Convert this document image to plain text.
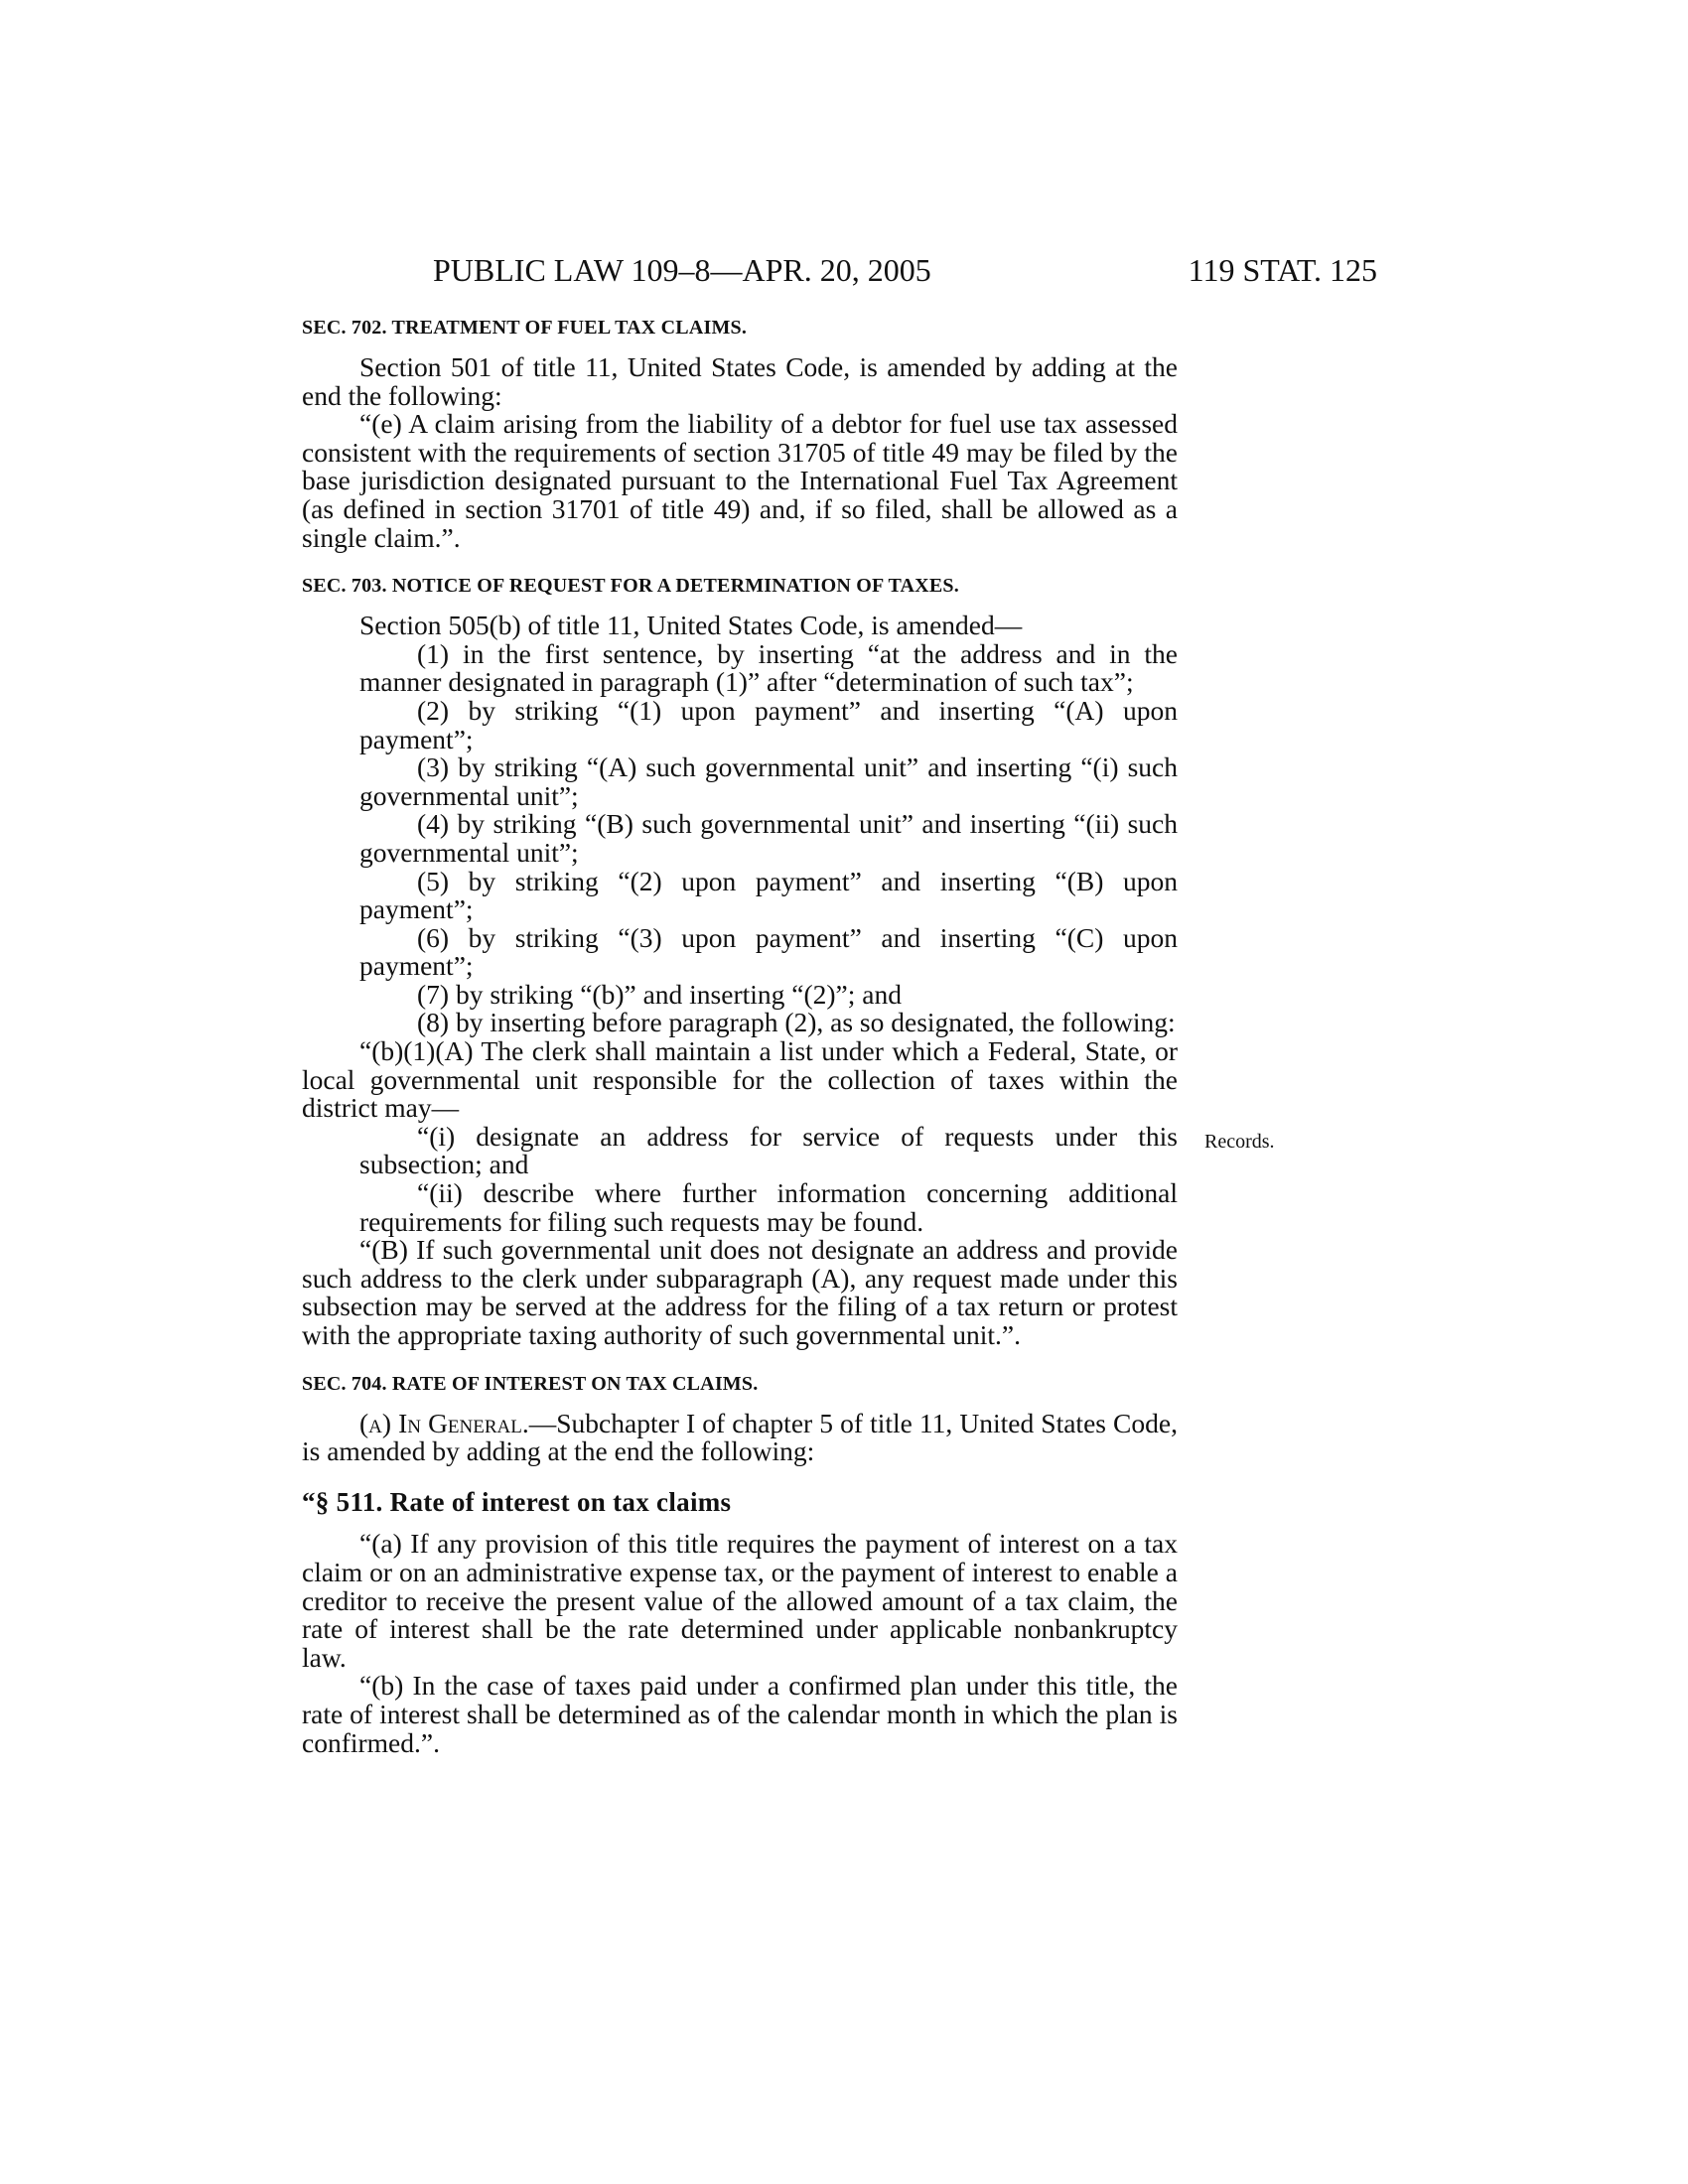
PUBLIC LAW 109–8—APR. 20, 2005	119 STAT. 125
Records.
SEC. 702. TREATMENT OF FUEL TAX CLAIMS.

Section 501 of title 11, United States Code, is amended by adding at the end the following:

“(e) A claim arising from the liability of a debtor for fuel use tax assessed consistent with the requirements of section 31705 of title 49 may be filed by the base jurisdiction designated pursuant to the International Fuel Tax Agreement (as defined in section 31701 of title 49) and, if so filed, shall be allowed as a single claim.”.

SEC. 703. NOTICE OF REQUEST FOR A DETERMINATION OF TAXES.

Section 505(b) of title 11, United States Code, is amended—

(1) in the first sentence, by inserting “at the address and in the manner designated in paragraph (1)” after “determination of such tax”;

(2) by striking “(1) upon payment” and inserting “(A) upon payment”;

(3) by striking “(A) such governmental unit” and inserting “(i) such governmental unit”;

(4) by striking “(B) such governmental unit” and inserting “(ii) such governmental unit”;

(5) by striking “(2) upon payment” and inserting “(B) upon payment”;

(6) by striking “(3) upon payment” and inserting “(C) upon payment”;

(7) by striking “(b)” and inserting “(2)”; and

(8) by inserting before paragraph (2), as so designated, the following:

“(b)(1)(A) The clerk shall maintain a list under which a Federal, State, or local governmental unit responsible for the collection of taxes within the district may—

“(i) designate an address for service of requests under this subsection; and

“(ii) describe where further information concerning additional requirements for filing such requests may be found.

“(B) If such governmental unit does not designate an address and provide such address to the clerk under subparagraph (A), any request made under this subsection may be served at the address for the filing of a tax return or protest with the appropriate taxing authority of such governmental unit.”.

SEC. 704. RATE OF INTEREST ON TAX CLAIMS.

(a) In General.—Subchapter I of chapter 5 of title 11, United States Code, is amended by adding at the end the following:

“§ 511. Rate of interest on tax claims

“(a) If any provision of this title requires the payment of interest on a tax claim or on an administrative expense tax, or the payment of interest to enable a creditor to receive the present value of the allowed amount of a tax claim, the rate of interest shall be the rate determined under applicable nonbankruptcy law.

“(b) In the case of taxes paid under a confirmed plan under this title, the rate of interest shall be determined as of the calendar month in which the plan is confirmed.”.
